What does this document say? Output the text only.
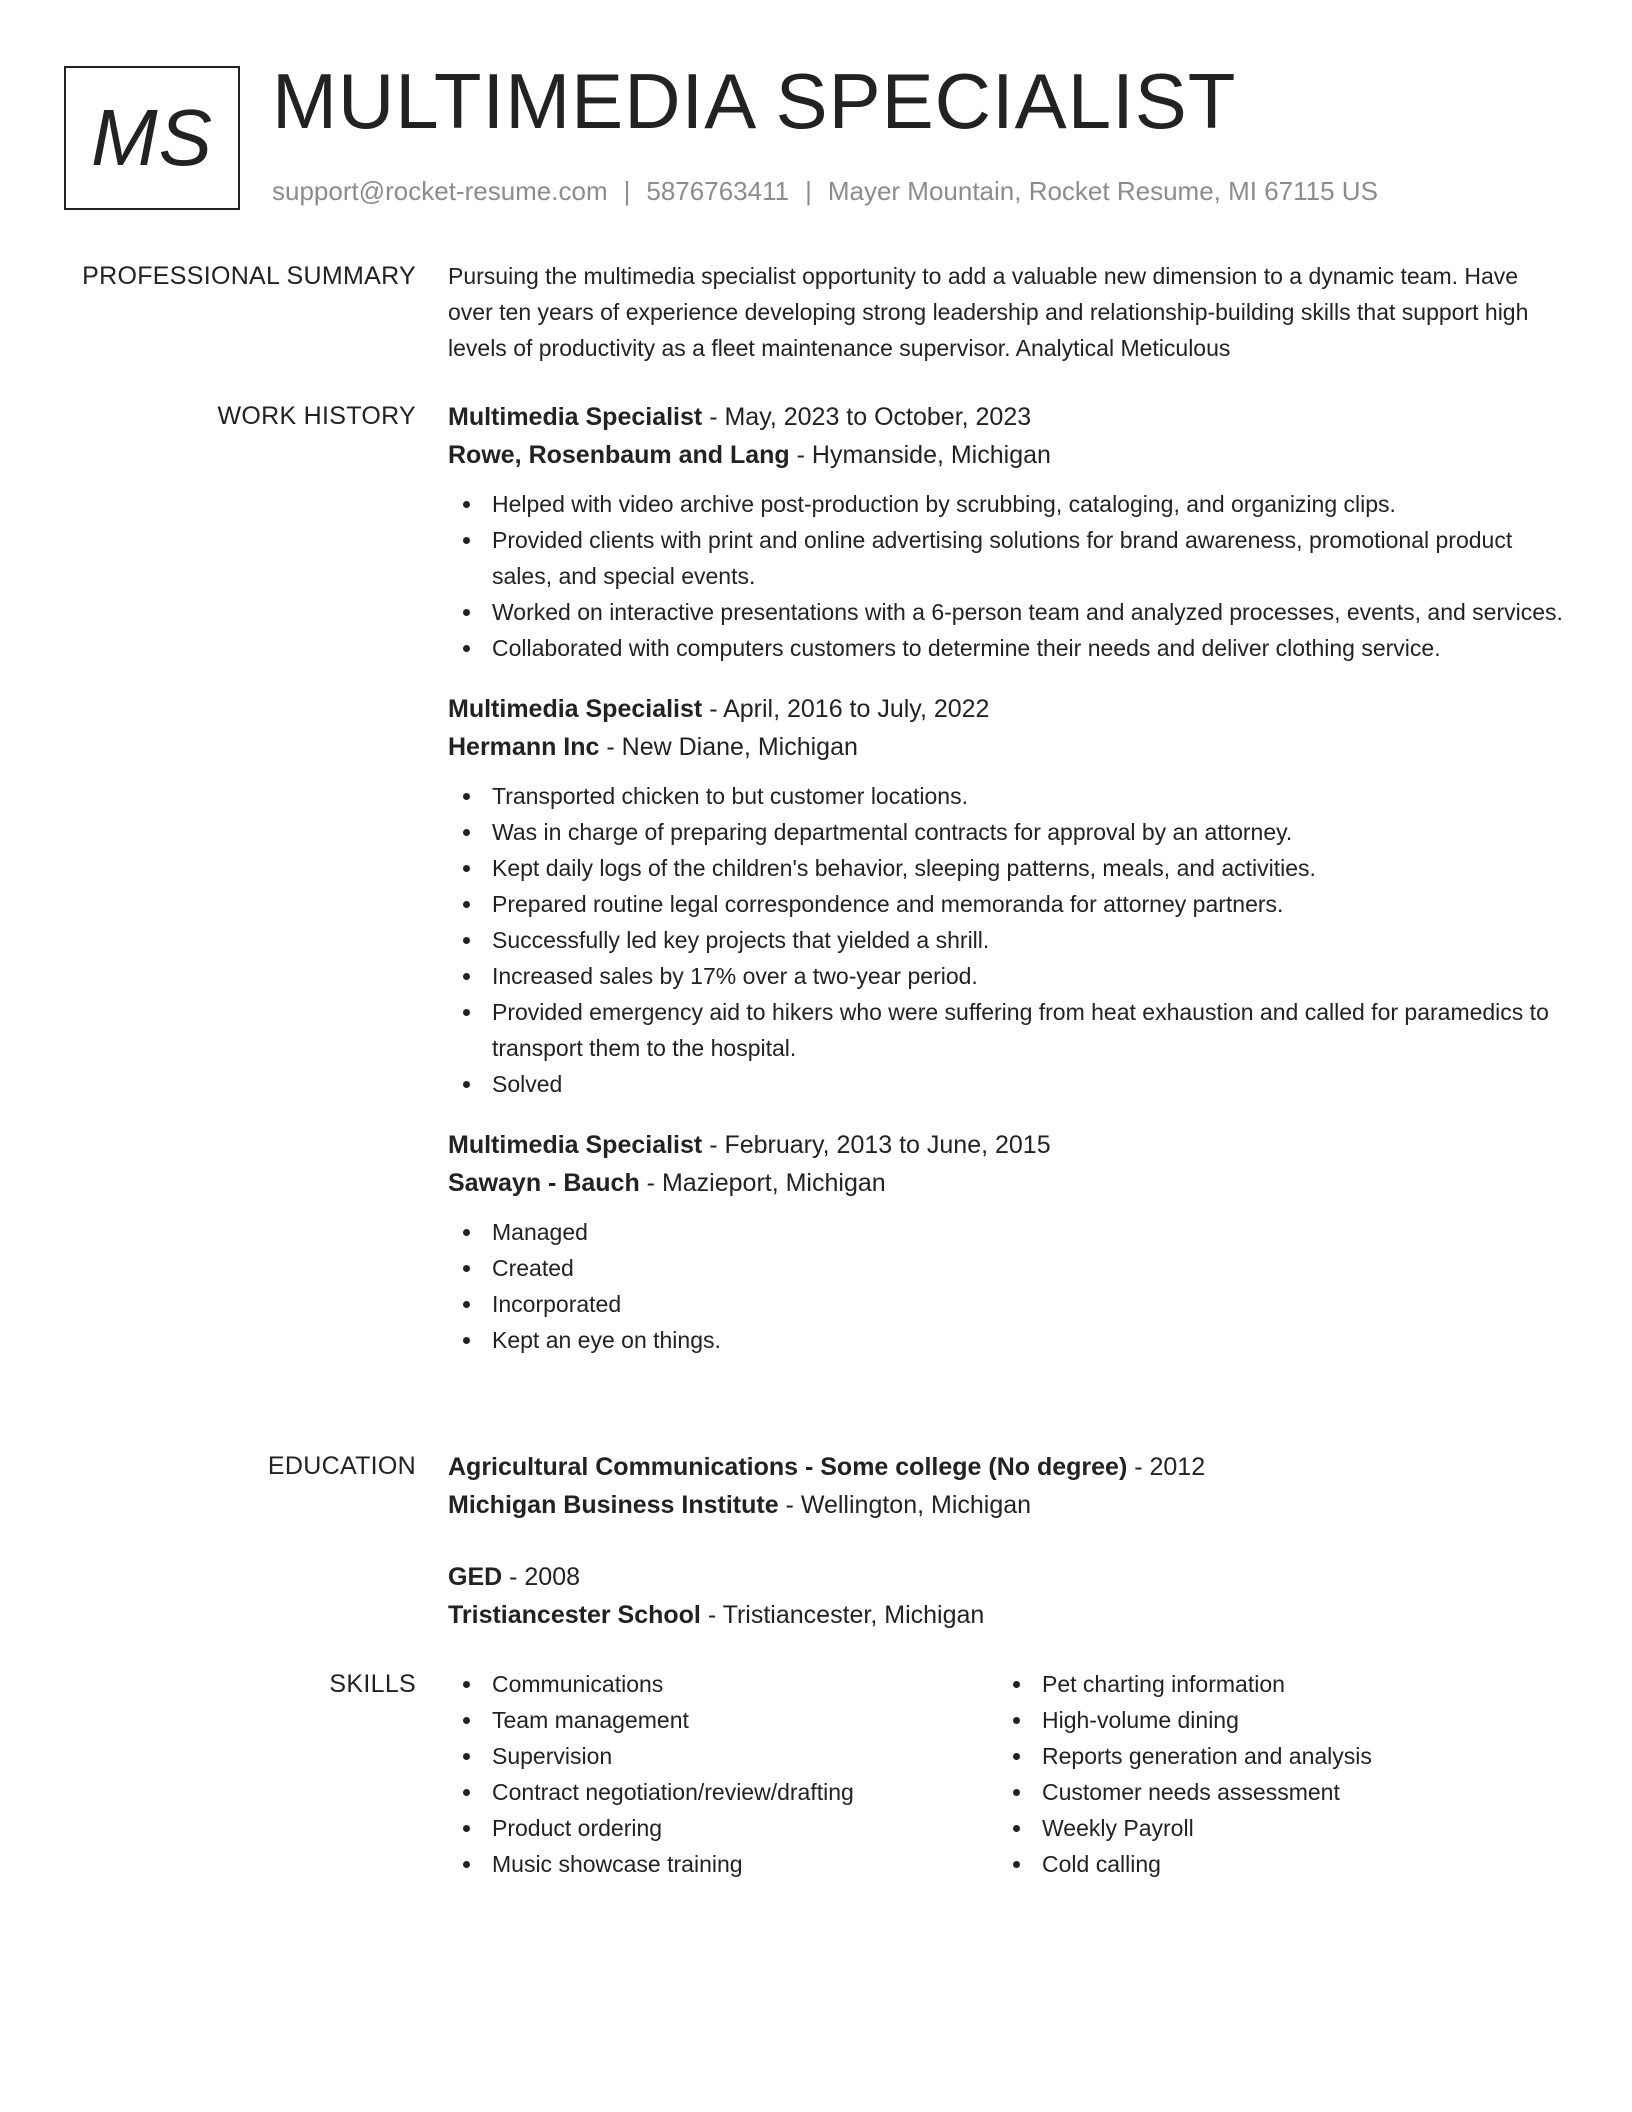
MS MULTIMEDIA SPECIALIST
support@rocket-resume.com | 5876763411 | Mayer Mountain, Rocket Resume, MI 67115 US
PROFESSIONAL SUMMARY Pursuing the multimedia specialist opportunity to add a valuable new dimension to a dynamic team. Have over ten years of experience developing strong leadership and relationship-building skills that support high levels of productivity as a fleet maintenance supervisor. Analytical Meticulous

WORK HISTORY Multimedia Specialist - May, 2023 to October, 2023
Rowe, Rosenbaum and Lang - Hymanside, Michigan
Helped with video archive post-production by scrubbing, cataloging, and organizing clips.
Provided clients with print and online advertising solutions for brand awareness, promotional product sales, and special events.
Worked on interactive presentations with a 6-person team and analyzed processes, events, and services.
Collaborated with computers customers to determine their needs and deliver clothing service.
Multimedia Specialist - April, 2016 to July, 2022
Hermann Inc - New Diane, Michigan
Transported chicken to but customer locations.
Was in charge of preparing departmental contracts for approval by an attorney.
Kept daily logs of the children's behavior, sleeping patterns, meals, and activities.
Prepared routine legal correspondence and memoranda for attorney partners.
Successfully led key projects that yielded a shrill.
Increased sales by 17% over a two-year period.
Provided emergency aid to hikers who were suffering from heat exhaustion and called for paramedics to transport them to the hospital.
Solved
Multimedia Specialist - February, 2013 to June, 2015
Sawayn - Bauch - Mazieport, Michigan
Managed
Created
Incorporated
Kept an eye on things.
EDUCATION Agricultural Communications - Some college (No degree) - 2012
Michigan Business Institute - Wellington, Michigan
GED - 2008
Tristiancester School - Tristiancester, Michigan
SKILLS	Communications
Team management
Supervision
Contract negotiation/review/drafting
Product ordering
Music showcase training
Pet charting information
High-volume dining
Reports generation and analysis
Customer needs assessment
Weekly Payroll
Cold calling
